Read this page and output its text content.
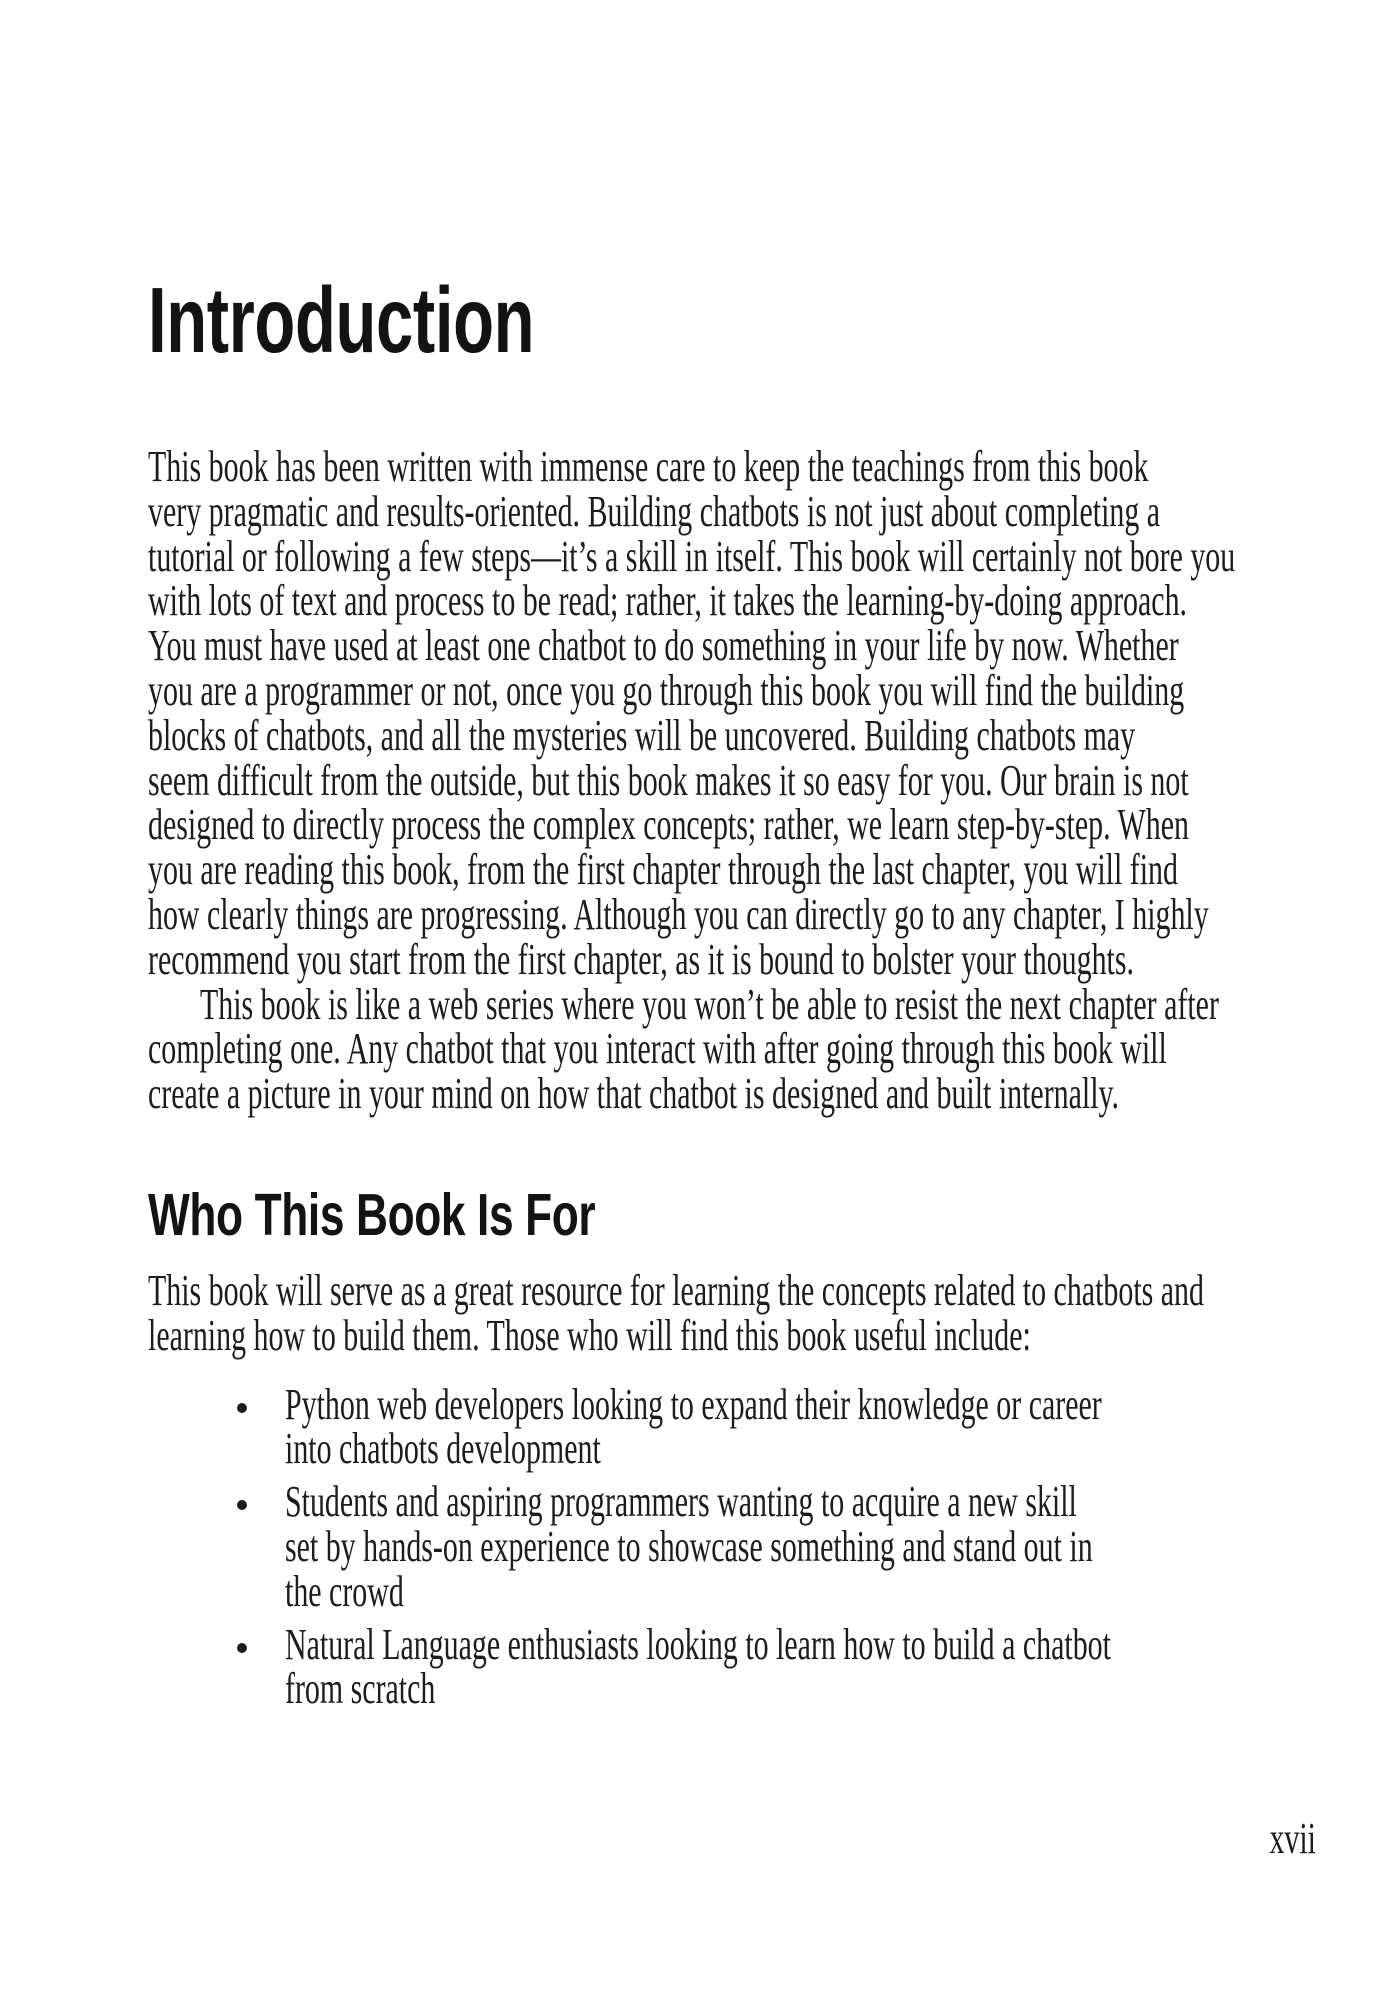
Introduction
This book has been written with immense care to keep the teachings from this book
very pragmatic and results-oriented. Building chatbots is not just about completing a
tutorial or following a few steps—it’s a skill in itself. This book will certainly not bore you
with lots of text and process to be read; rather, it takes the learning-by-doing approach.
You must have used at least one chatbot to do something in your life by now. Whether
you are a programmer or not, once you go through this book you will find the building
blocks of chatbots, and all the mysteries will be uncovered. Building chatbots may
seem difficult from the outside, but this book makes it so easy for you. Our brain is not
designed to directly process the complex concepts; rather, we learn step-by-step. When
you are reading this book, from the first chapter through the last chapter, you will find
how clearly things are progressing. Although you can directly go to any chapter, I highly
recommend you start from the first chapter, as it is bound to bolster your thoughts.
This book is like a web series where you won’t be able to resist the next chapter after
completing one. Any chatbot that you interact with after going through this book will
create a picture in your mind on how that chatbot is designed and built internally.
Who This Book Is For
This book will serve as a great resource for learning the concepts related to chatbots and
learning how to build them. Those who will find this book useful include:
Python web developers looking to expand their knowledge or career
into chatbots development
Students and aspiring programmers wanting to acquire a new skill
set by hands-on experience to showcase something and stand out in
the crowd
Natural Language enthusiasts looking to learn how to build a chatbot
from scratch
xvii
